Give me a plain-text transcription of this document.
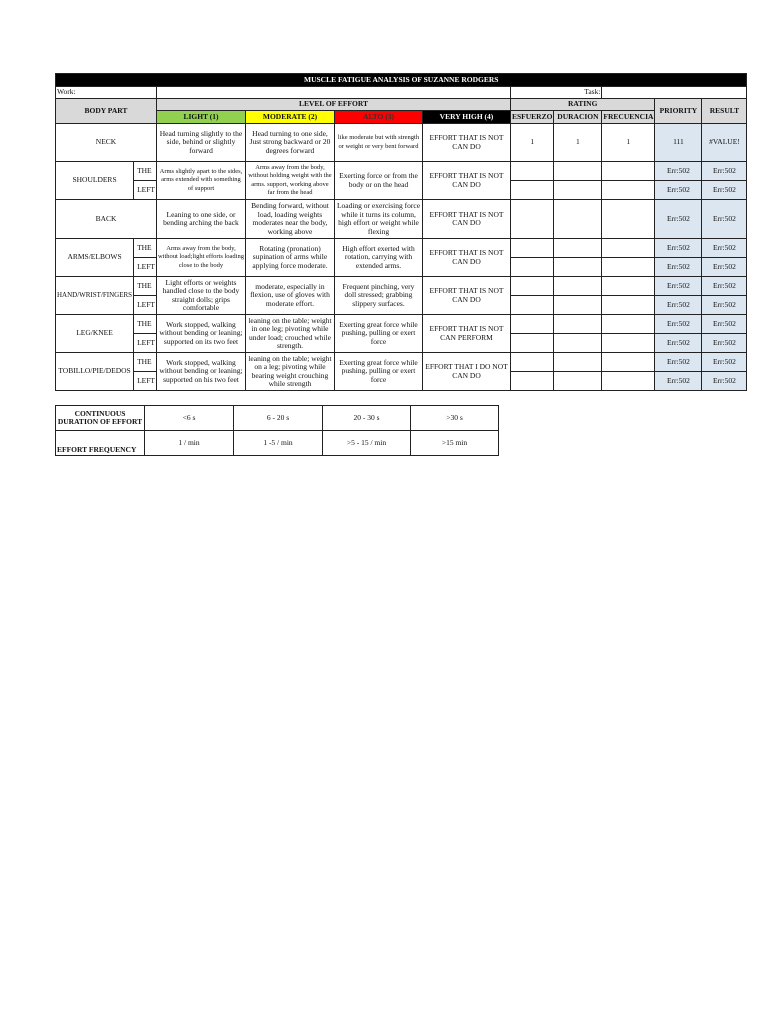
MUSCLE FATIGUE ANALYSIS OF SUZANNE RODGERS										
Work:						Task:				
BODY PART		LEVEL OF EFFORT				RATING			PRIORITY	RESULT
		LIGHT (1)	MODERATE (2)	ALTO (3)	VERY HIGH (4)	ESFUERZO	DURACION	FRECUENCIA		
NECK		Head turning slightly to the side, behind or slightly forward	Head turning to one side, Just strong backward or 20 degrees forward	like moderate but with strength or weight or very bent forward	EFFORT THAT IS NOT CAN DO	1	1	1	111	#VALUE!
SHOULDERS	THE	Arms slightly apart to the sides, arms extended with something of support	Arms away from the body, without holding weight with the arms. support, working above far from the head	Exerting force or from the body or on the head	EFFORT THAT IS NOT CAN DO				Err:502	Err:502
	LEFT								Err:502	Err:502
BACK		Leaning to one side, or bending arching the back	Bending forward, without load, loading weights moderates near the body, working above	Loading or exercising force while it turns its column, high effort or weight while flexing	EFFORT THAT IS NOT CAN DO				Err:502	Err:502
ARMS/ELBOWS	THE	Arms away from the body, without load;light efforts loading close to the body	Rotating (pronation) supination of arms while applying force moderate.	High effort exerted with rotation, carrying with extended arms.	EFFORT THAT IS NOT CAN DO				Err:502	Err:502
	LEFT								Err:502	Err:502
HAND/WRIST/FINGERS	THE	Light efforts or weights handled close to the body straight dolls; grips comfortable	moderate, especially in flexion, use of gloves with moderate effort.	Frequent pinching, very doll stressed; grabbing slippery surfaces.	EFFORT THAT IS NOT CAN DO				Err:502	Err:502
	LEFT								Err:502	Err:502
LEG/KNEE	THE	Work stopped, walking without bending or leaning; supported on its two feet	leaning on the table; weight in one leg; pivoting while under load; crouched while strength.	Exerting great force while pushing, pulling or exert force	EFFORT THAT IS NOT CAN PERFORM				Err:502	Err:502
	LEFT								Err:502	Err:502
TOBILLO/PIE/DEDOS	THE	Work stopped, walking without bending or leaning; supported on his two feet	leaning on the table; weight on a leg; pivoting while bearing weight crouching while strength	Exerting great force while pushing, pulling or exert force	EFFORT THAT I DO NOT CAN DO				Err:502	Err:502
	LEFT								Err:502	Err:502
CONTINUOUS DURATION OF EFFORT	<6 s	6 - 20 s	20 - 30 s	>30 s
EFFORT FREQUENCY	1 / min	1 -5 / min	>5 - 15 / min	>15 min
